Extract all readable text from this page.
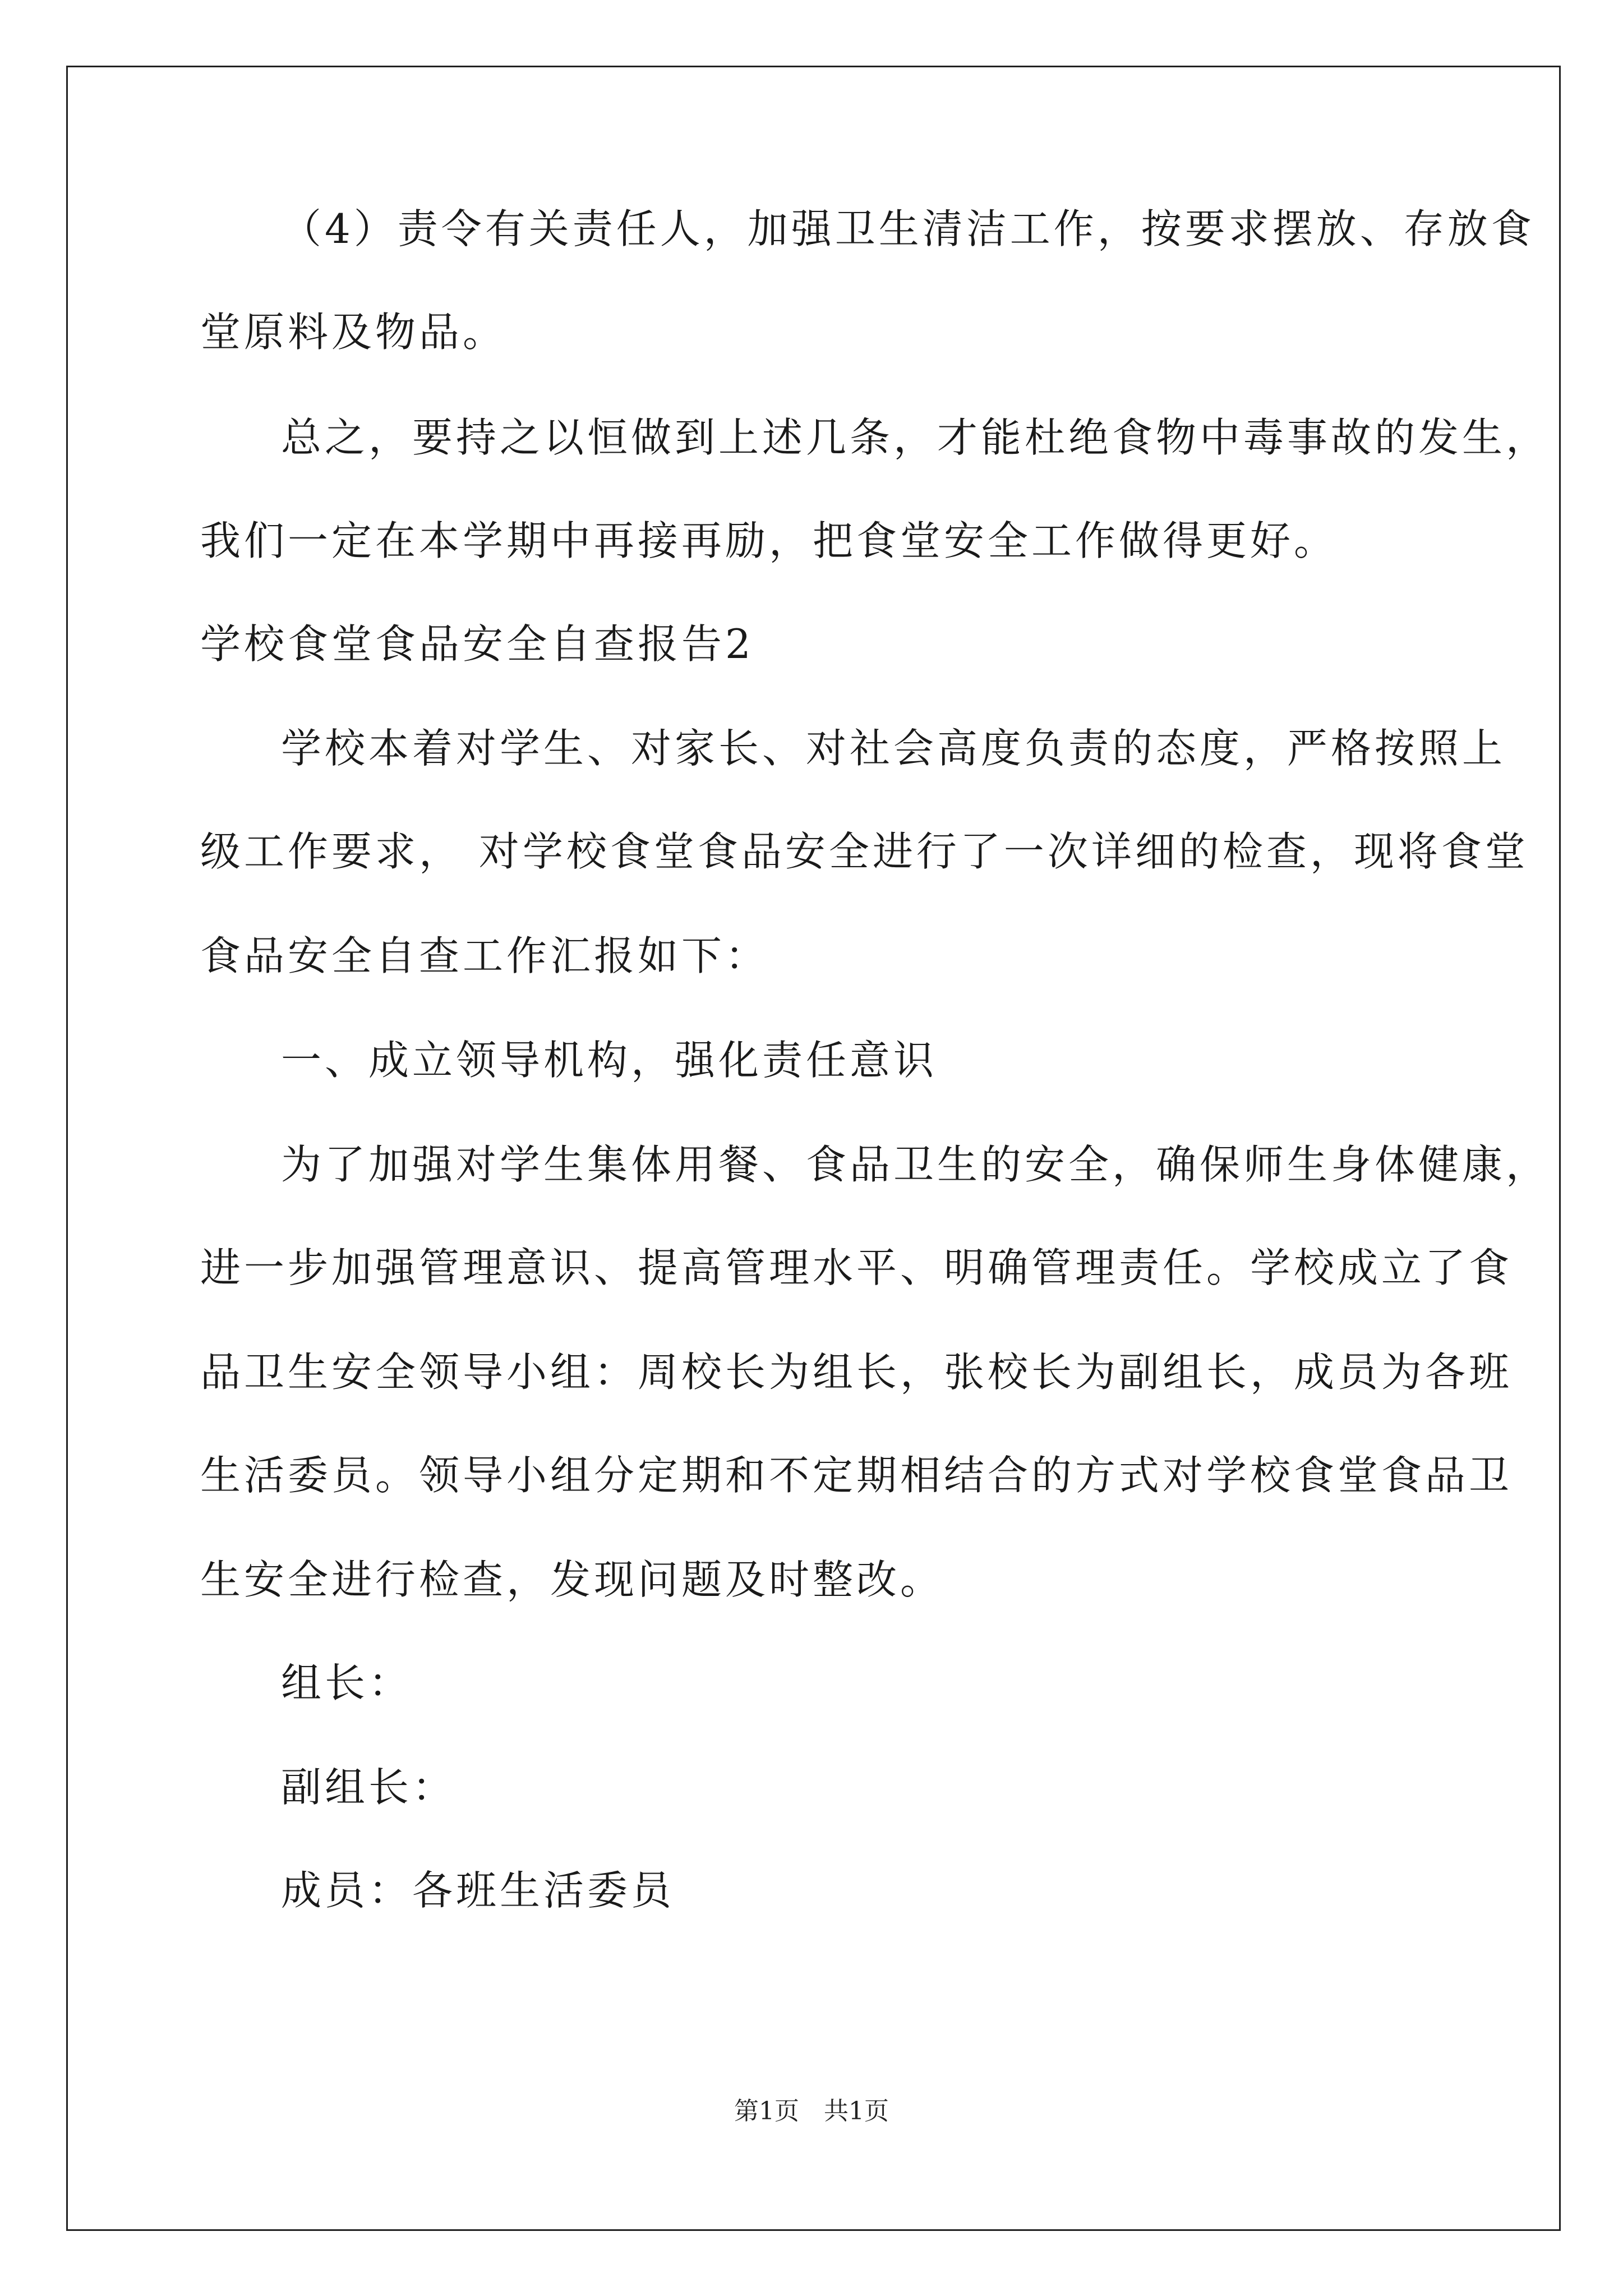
（4）责令有关责任人，加强卫生清洁工作，按要求摆放、存放食
堂原料及物品。
总之，要持之以恒做到上述几条，才能杜绝食物中毒事故的发生，
我们一定在本学期中再接再励，把食堂安全工作做得更好。
学校食堂食品安全自查报告2
学校本着对学生、对家长、对社会高度负责的态度，严格按照上
级工作要求， 对学校食堂食品安全进行了一次详细的检查，现将食堂
食品安全自查工作汇报如下：
一、成立领导机构，强化责任意识
为了加强对学生集体用餐、食品卫生的安全，确保师生身体健康，
进一步加强管理意识、提高管理水平、明确管理责任。学校成立了食
品卫生安全领导小组：周校长为组长，张校长为副组长，成员为各班
生活委员。领导小组分定期和不定期相结合的方式对学校食堂食品卫
生安全进行检查，发现问题及时整改。
组长：
副组长：
成员：各班生活委员
第1页 共1页
